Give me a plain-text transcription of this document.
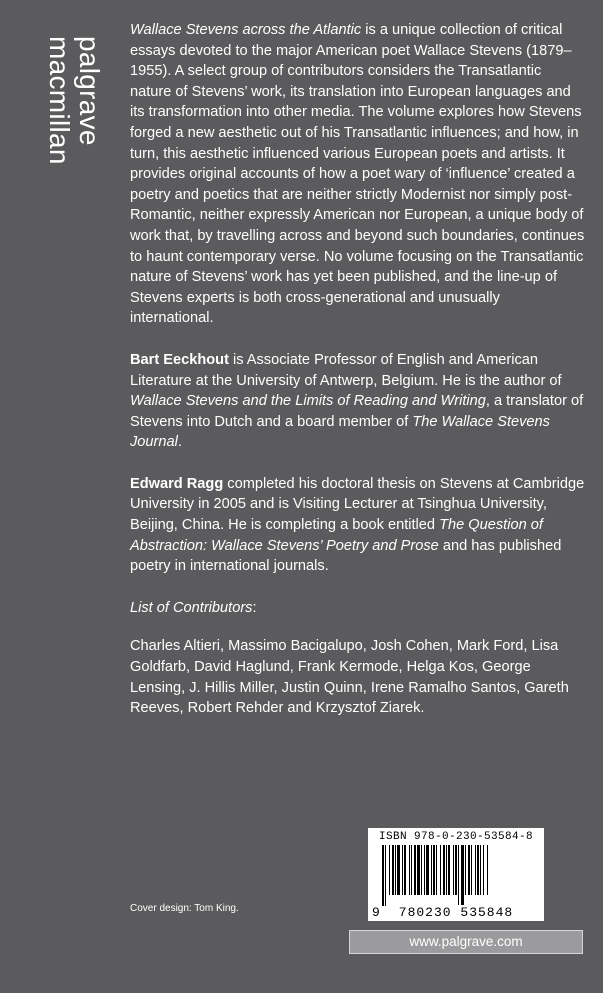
palgrave
macmillan

Wallace Stevens across the Atlantic is a unique collection of critical essays devoted to the major American poet Wallace Stevens (1879–1955). A select group of contributors considers the Transatlantic nature of Stevens’ work, its translation into European languages and its transformation into other media. The volume explores how Stevens forged a new aesthetic out of his Transatlantic influences; and how, in turn, this aesthetic influenced various European poets and artists. It provides original accounts of how a poet wary of ‘influence’ created a poetry and poetics that are neither strictly Modernist nor simply post-Romantic, neither expressly American nor European, a unique body of work that, by travelling across and beyond such boundaries, continues to haunt contemporary verse. No volume focusing on the Transatlantic nature of Stevens’ work has yet been published, and the line-up of Stevens experts is both cross-generational and unusually international.

Bart Eeckhout is Associate Professor of English and American Literature at the University of Antwerp, Belgium. He is the author of Wallace Stevens and the Limits of Reading and Writing, a translator of Stevens into Dutch and a board member of The Wallace Stevens Journal.

Edward Ragg completed his doctoral thesis on Stevens at Cambridge University in 2005 and is Visiting Lecturer at Tsinghua University, Beijing, China. He is completing a book entitled The Question of Abstraction: Wallace Stevens’ Poetry and Prose and has published poetry in international journals.

List of Contributors:

Charles Altieri, Massimo Bacigalupo, Josh Cohen, Mark Ford, Lisa Goldfarb, David Haglund, Frank Kermode, Helga Kos, George Lensing, J. Hillis Miller, Justin Quinn, Irene Ramalho Santos, Gareth Reeves, Robert Rehder and Krzysztof Ziarek.

Cover design: Tom King.
ISBN 978-0-230-53584-8
780230 535848
9
www.palgrave.com
